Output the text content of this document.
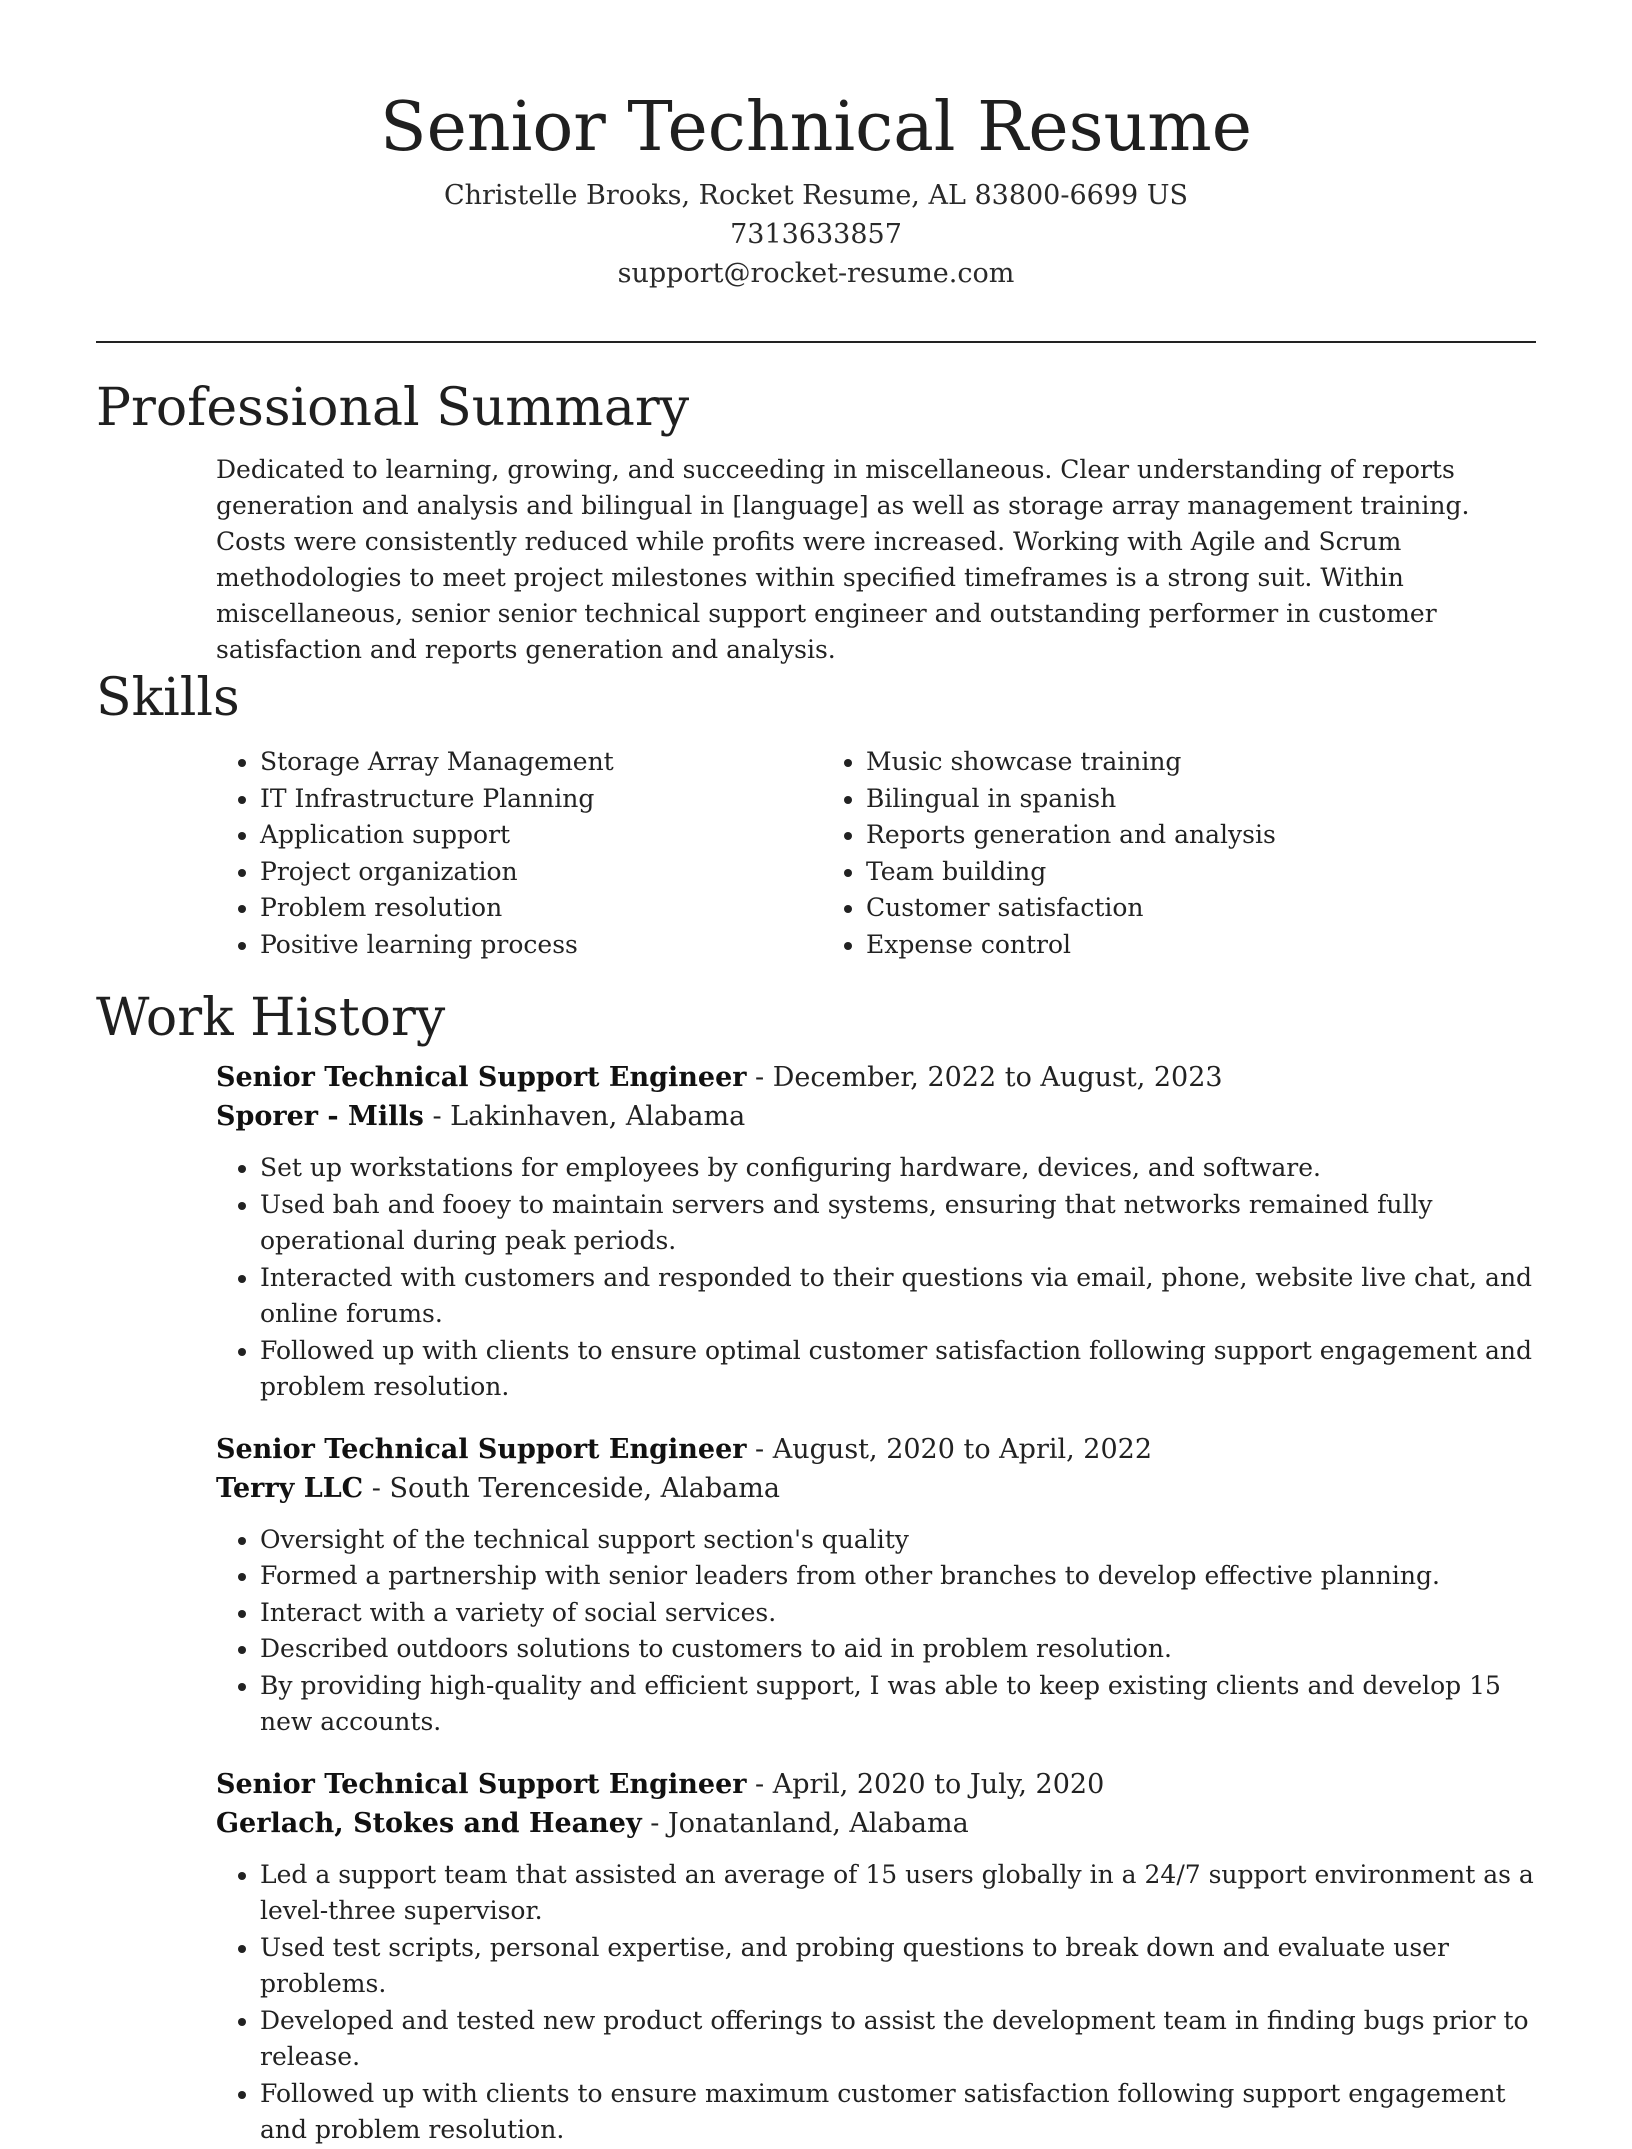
Senior Technical Resume
Christelle Brooks, Rocket Resume, AL 83800-6699 US
7313633857
support@rocket-resume.com
Professional Summary
Dedicated to learning, growing, and succeeding in miscellaneous. Clear understanding of reports generation and analysis and bilingual in [language] as well as storage array management training. Costs were consistently reduced while profits were increased. Working with Agile and Scrum methodologies to meet project milestones within specified timeframes is a strong suit. Within miscellaneous, senior senior technical support engineer and outstanding performer in customer satisfaction and reports generation and analysis.
Skills
• Storage Array Management
• IT Infrastructure Planning
• Application support
• Project organization
• Problem resolution
• Positive learning process
• Music showcase training
• Bilingual in spanish
• Reports generation and analysis
• Team building
• Customer satisfaction
• Expense control
Work History
Senior Technical Support Engineer - December, 2022 to August, 2023
Sporer - Mills - Lakinhaven, Alabama
• Set up workstations for employees by configuring hardware, devices, and software.
• Used bah and fooey to maintain servers and systems, ensuring that networks remained fully operational during peak periods.
• Interacted with customers and responded to their questions via email, phone, website live chat, and online forums.
• Followed up with clients to ensure optimal customer satisfaction following support engagement and problem resolution.
Senior Technical Support Engineer - August, 2020 to April, 2022
Terry LLC - South Terenceside, Alabama
• Oversight of the technical support section's quality
• Formed a partnership with senior leaders from other branches to develop effective planning.
• Interact with a variety of social services.
• Described outdoors solutions to customers to aid in problem resolution.
• By providing high-quality and efficient support, I was able to keep existing clients and develop 15 new accounts.
Senior Technical Support Engineer - April, 2020 to July, 2020
Gerlach, Stokes and Heaney - Jonatanland, Alabama
• Led a support team that assisted an average of 15 users globally in a 24/7 support environment as a level-three supervisor.
• Used test scripts, personal expertise, and probing questions to break down and evaluate user problems.
• Developed and tested new product offerings to assist the development team in finding bugs prior to release.
• Followed up with clients to ensure maximum customer satisfaction following support engagement and problem resolution.
